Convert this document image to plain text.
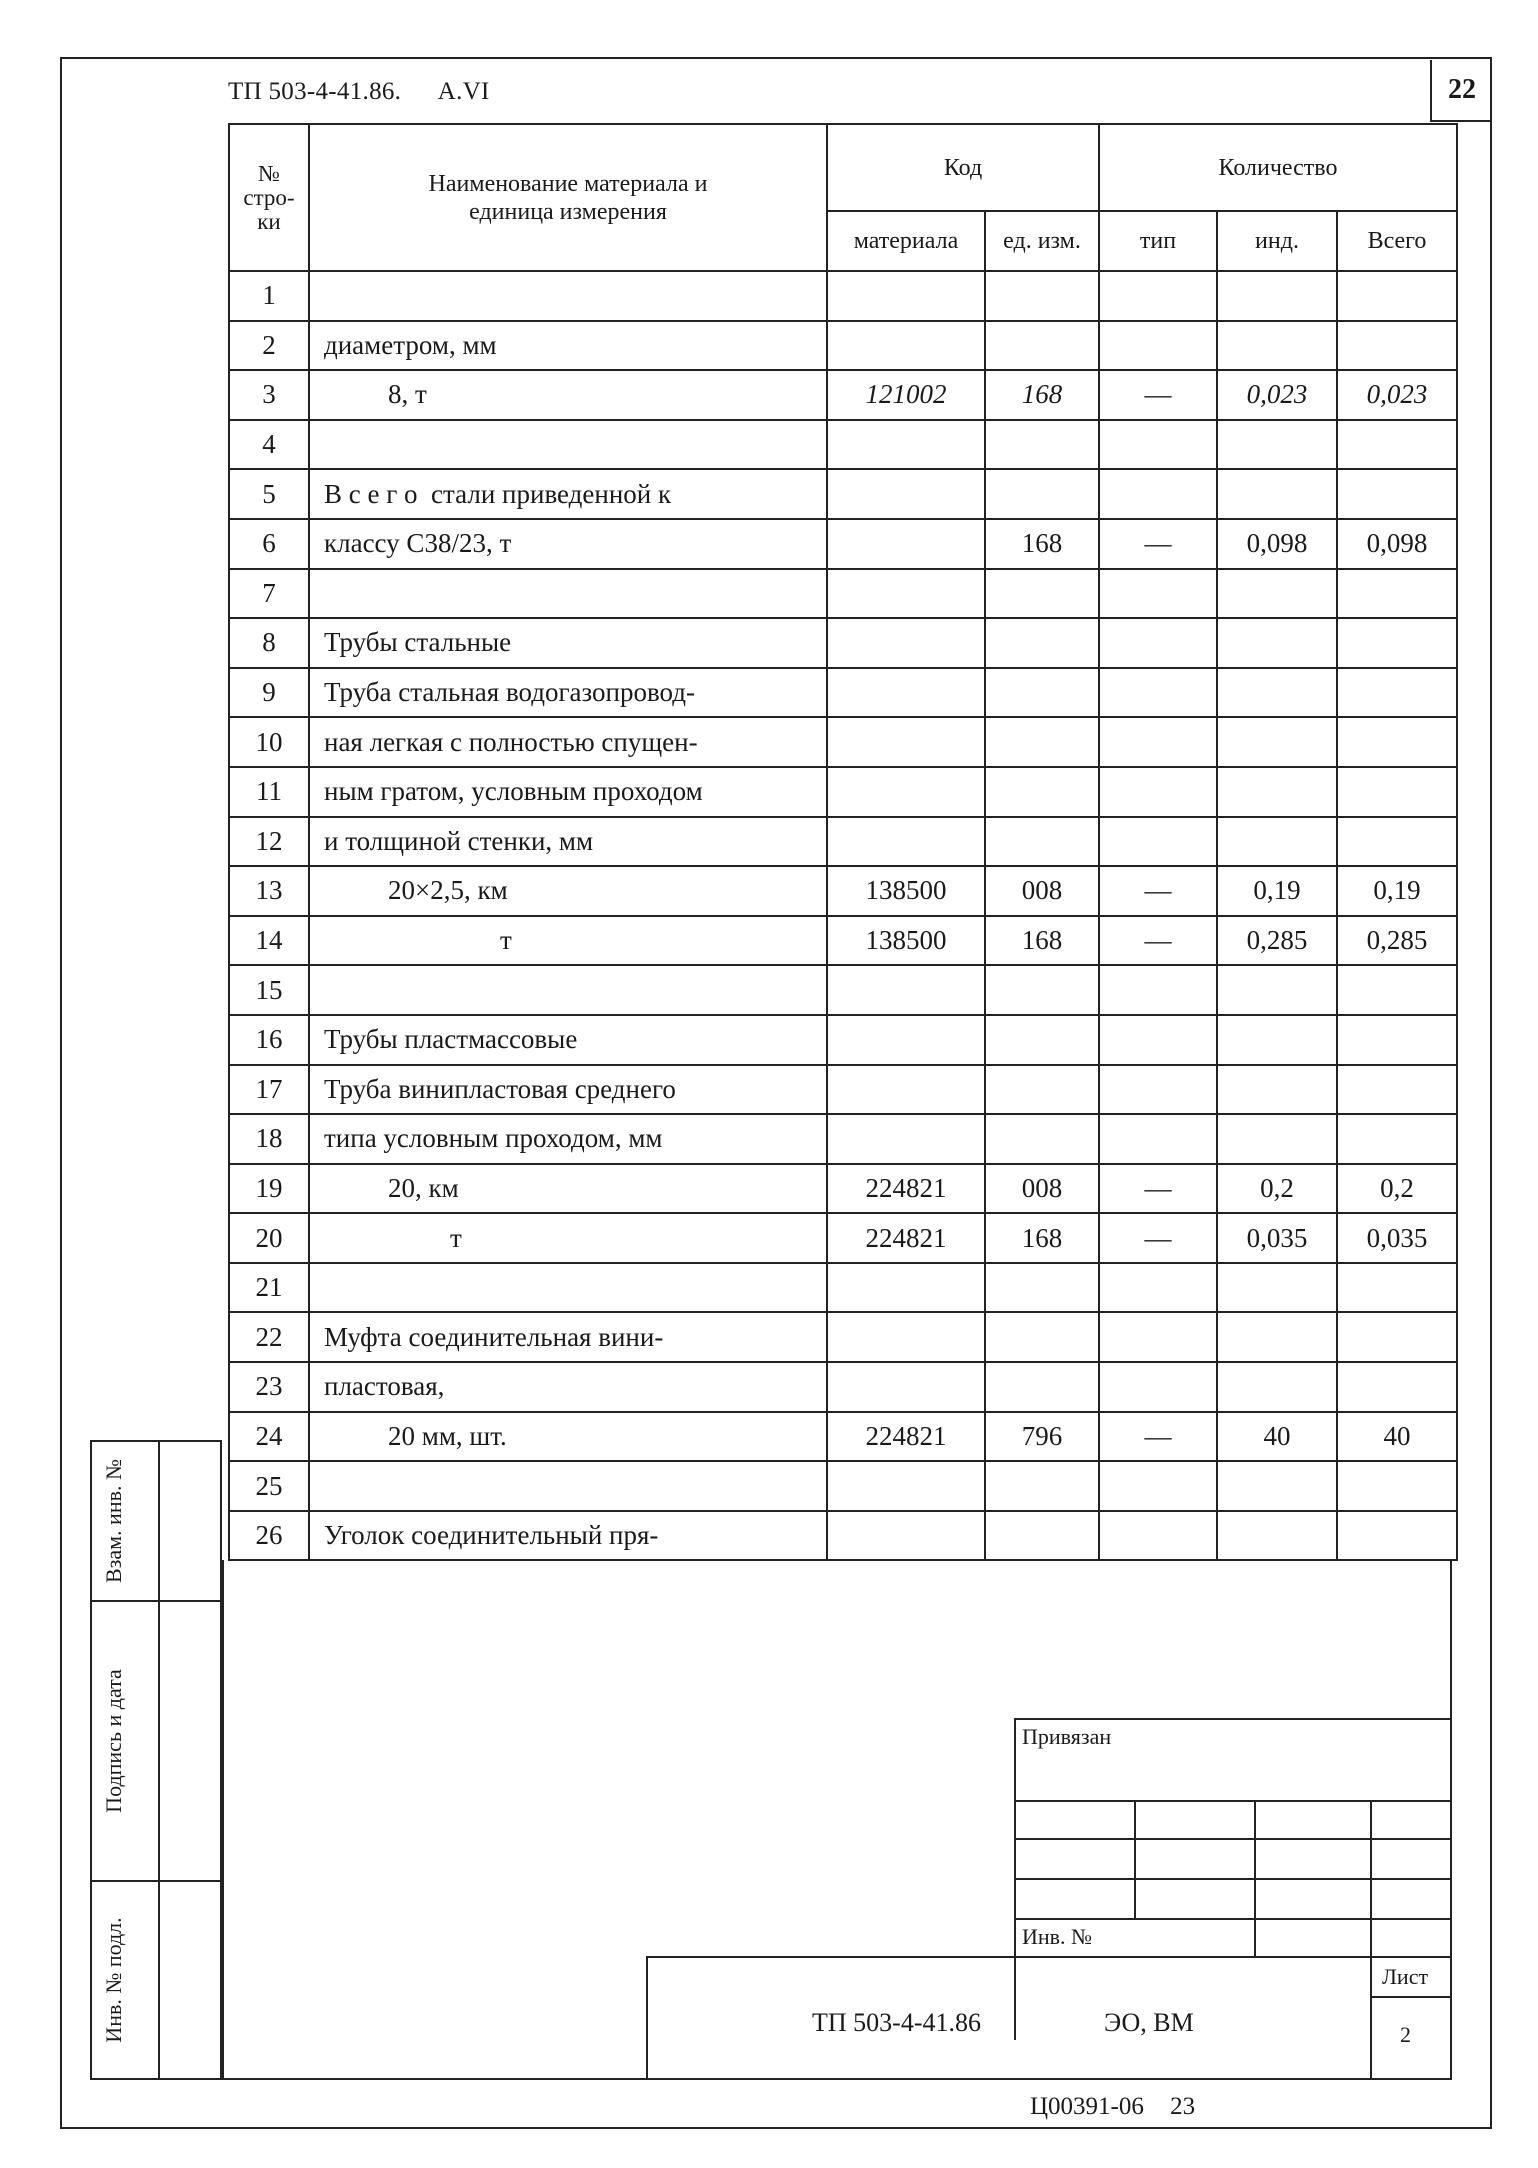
ТП 503-4-41.86. A.VI	22
№ стро- ки	Наименование материала и единица измерения	Код		Количество		
		материала	ед. изм.	тип	инд.	Всего
1						
2	диаметром, мм					
3	8, т	121002	168	—	0,023	0,023
4						
5	В с е г о  стали приведенной к					
6	классу С38/23, т		168	—	0,098	0,098
7						
8	Трубы стальные					
9	Труба стальная водогазопровод-					
10	ная легкая с полностью спущен-					
11	ным гратом, условным проходом					
12	и толщиной стенки, мм					
13	20×2,5, км	138500	008	—	0,19	0,19
14	т	138500	168	—	0,285	0,285
15						
16	Трубы пластмассовые					
17	Труба винипластовая среднего					
18	типа условным проходом, мм					
19	20, км	224821	008	—	0,2	0,2
20	т	224821	168	—	0,035	0,035
21						
22	Муфта соединительная вини-					
23	пластовая,					
24	20 мм, шт.	224821	796	—	40	40
25						
26	Уголок соединительный пря-					
Взам. инв. №
Подпись и дата
Инв. № подл.
Привязан
Инв. №
Лист
2
ТП 503-4-41.86	ЭО, ВМ
Ц00391-06 23
